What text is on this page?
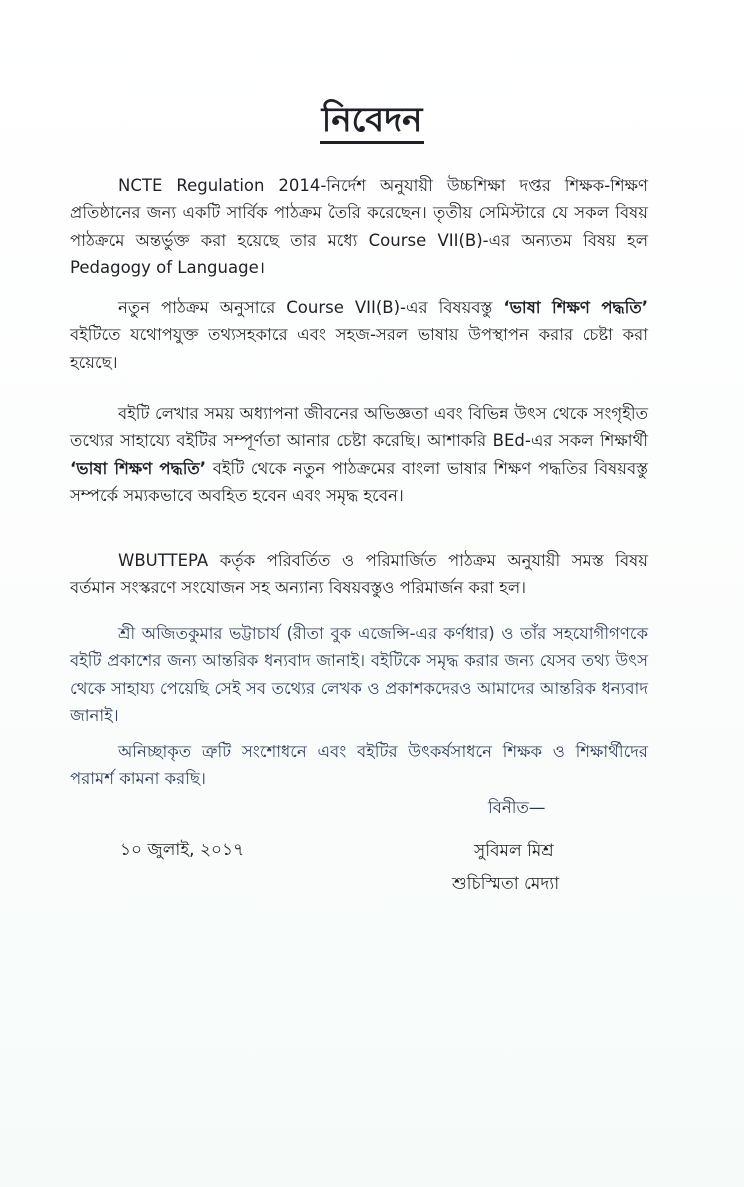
নিবেদন

NCTE Regulation 2014-নির্দেশ অনুযায়ী উচ্চশিক্ষা দপ্তর শিক্ষক-শিক্ষণ প্রতিষ্ঠানের জন্য একটি সার্বিক পাঠক্রম তৈরি করেছেন। তৃতীয় সেমিস্টারে যে সকল বিষয় পাঠক্রমে অন্তর্ভুক্ত করা হয়েছে তার মধ্যে Course VII(B)-এর অন্যতম বিষয় হল Pedagogy of Language।

নতুন পাঠক্রম অনুসারে Course VII(B)-এর বিষয়বস্তু ‘ভাষা শিক্ষণ পদ্ধতি’ বইটিতে যথোপযুক্ত তথ্যসহকারে এবং সহজ-সরল ভাষায় উপস্থাপন করার চেষ্টা করা হয়েছে।

বইটি লেখার সময় অধ্যাপনা জীবনের অভিজ্ঞতা এবং বিভিন্ন উৎস থেকে সংগৃহীত তথ্যের সাহায্যে বইটির সম্পূর্ণতা আনার চেষ্টা করেছি। আশাকরি BEd-এর সকল শিক্ষার্থী ‘ভাষা শিক্ষণ পদ্ধতি’ বইটি থেকে নতুন পাঠক্রমের বাংলা ভাষার শিক্ষণ পদ্ধতির বিষয়বস্তু সম্পর্কে সম্যকভাবে অবহিত হবেন এবং সমৃদ্ধ হবেন।

WBUTTEPA কর্তৃক পরিবর্তিত ও পরিমার্জিত পাঠক্রম অনুযায়ী সমস্ত বিষয় বর্তমান সংস্করণে সংযোজন সহ অন্যান্য বিষয়বস্তুও পরিমার্জন করা হল।

শ্রী অজিতকুমার ভট্টাচার্য (রীতা বুক এজেন্সি-এর কর্ণধার) ও তাঁর সহযোগীগণকে বইটি প্রকাশের জন্য আন্তরিক ধন্যবাদ জানাই। বইটিকে সমৃদ্ধ করার জন্য যেসব তথ্য উৎস থেকে সাহায্য পেয়েছি সেই সব তথ্যের লেখক ও প্রকাশকদেরও আমাদের আন্তরিক ধন্যবাদ জানাই।

অনিচ্ছাকৃত ত্রুটি সংশোধনে এবং বইটির উৎকর্ষসাধনে শিক্ষক ও শিক্ষার্থীদের পরামর্শ কামনা করছি।

বিনীত—
১০ জুলাই, ২০১৭	সুবিমল মিশ্র
শুচিস্মিতা মেদ্যা
